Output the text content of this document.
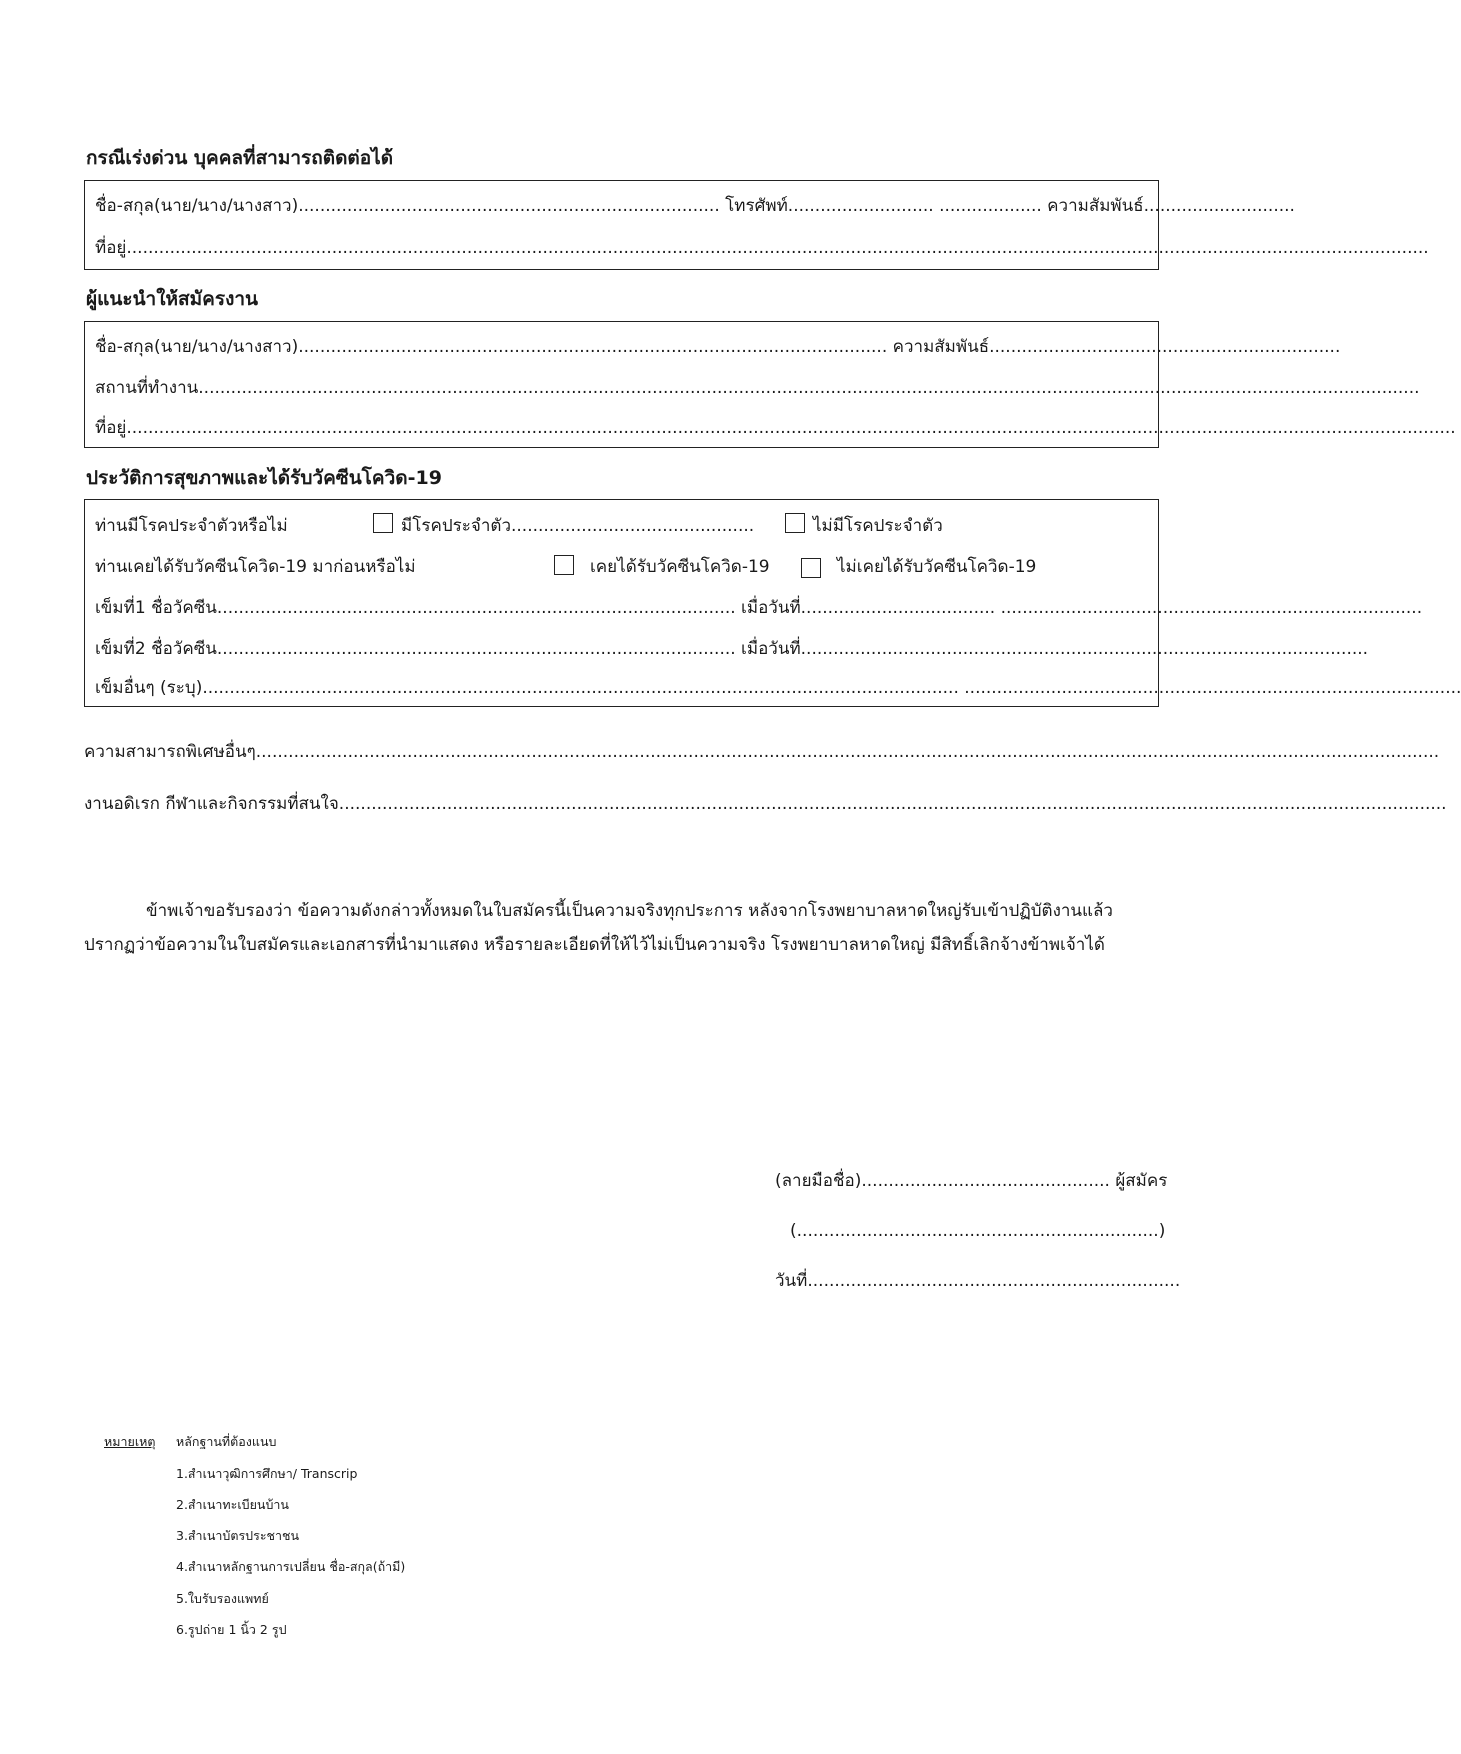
กรณีเร่งด่วน บุคคลที่สามารถติดต่อได้
ชื่อ-สกุล(นาย/นาง/นางสาว).............................................................................. โทรศัพท์........................... ................... ความสัมพันธ์............................
ที่อยู่.................................................................................................................................................................................................................................................
ผู้แนะนำให้สมัครงาน
ชื่อ-สกุล(นาย/นาง/นางสาว)............................................................................................................. ความสัมพันธ์.................................................................
สถานที่ทำงาน..................................................................................................................................................................................................................................
ที่อยู่......................................................................................................................................................................................................................................................
ประวัติการสุขภาพและได้รับวัคซีนโควิด-19
ท่านมีโรคประจำตัวหรือไม่	มีโรคประจำตัว.............................................	ไม่มีโรคประจำตัว
ท่านเคยได้รับวัคซีนโควิด-19 มาก่อนหรือไม่	เคยได้รับวัคซีนโควิด-19	ไม่เคยได้รับวัคซีนโควิด-19
เข็มที่1 ชื่อวัคซีน................................................................................................ เมื่อวันที่.................................... ..............................................................................
เข็มที่2 ชื่อวัคซีน................................................................................................ เมื่อวันที่.........................................................................................................
เข็มอื่นๆ (ระบุ)............................................................................................................................................ ............................................................................................
ความสามารถพิเศษอื่นๆ...........................................................................................................................................................................................................................
งานอดิเรก กีฬาและกิจกรรมที่สนใจ.............................................................................................................................................................................................................
ข้าพเจ้าขอรับรองว่า ข้อความดังกล่าวทั้งหมดในใบสมัครนี้เป็นความจริงทุกประการ หลังจากโรงพยาบาลหาดใหญ่รับเข้าปฏิบัติงานแล้ว
ปรากฏว่าข้อความในใบสมัครและเอกสารที่นำมาแสดง หรือรายละเอียดที่ให้ไว้ไม่เป็นความจริง โรงพยาบาลหาดใหญ่ มีสิทธิ์เลิกจ้างข้าพเจ้าได้
(ลายมือชื่อ).............................................. ผู้สมัคร
(...................................................................)
วันที่.....................................................................
หมายเหตุ หลักฐานที่ต้องแนบ
1.สำเนาวุฒิการศึกษา/ Transcrip
2.สำเนาทะเบียนบ้าน
3.สำเนาบัตรประชาชน
4.สำเนาหลักฐานการเปลี่ยน ชื่อ-สกุล(ถ้ามี)
5.ใบรับรองแพทย์
6.รูปถ่าย 1 นิ้ว 2 รูป
